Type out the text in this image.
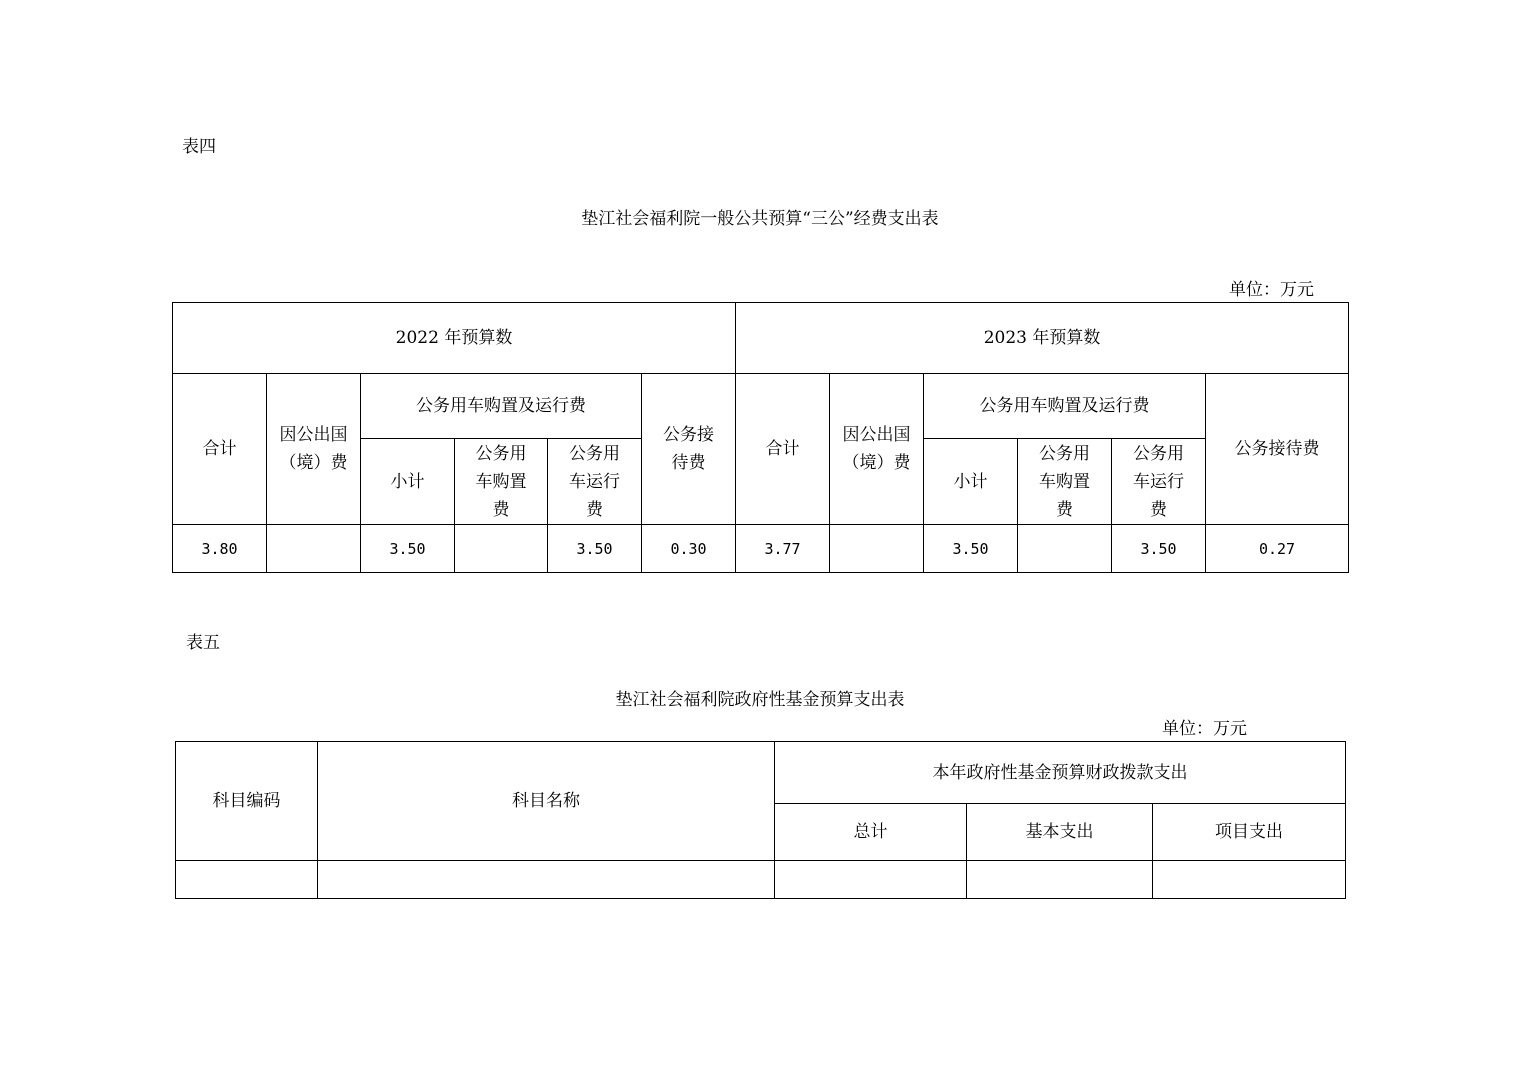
表四
垫江社会福利院一般公共预算“三公”经费支出表
单位：万元
2022 年预算数						2023 年预算数					
合计	因公出国（境）费	公务用车购置及运行费			公务接待费	合计	因公出国（境）费	公务用车购置及运行费			公务接待费
		小计	公务用车购置费	公务用车运行费				小计	公务用车购置费	公务用车运行费	
3.80		3.50		3.50	0.30	3.77		3.50		3.50	0.27
表五
垫江社会福利院政府性基金预算支出表
单位：万元
科目编码	科目名称	本年政府性基金预算财政拨款支出		
		总计	基本支出	项目支出
